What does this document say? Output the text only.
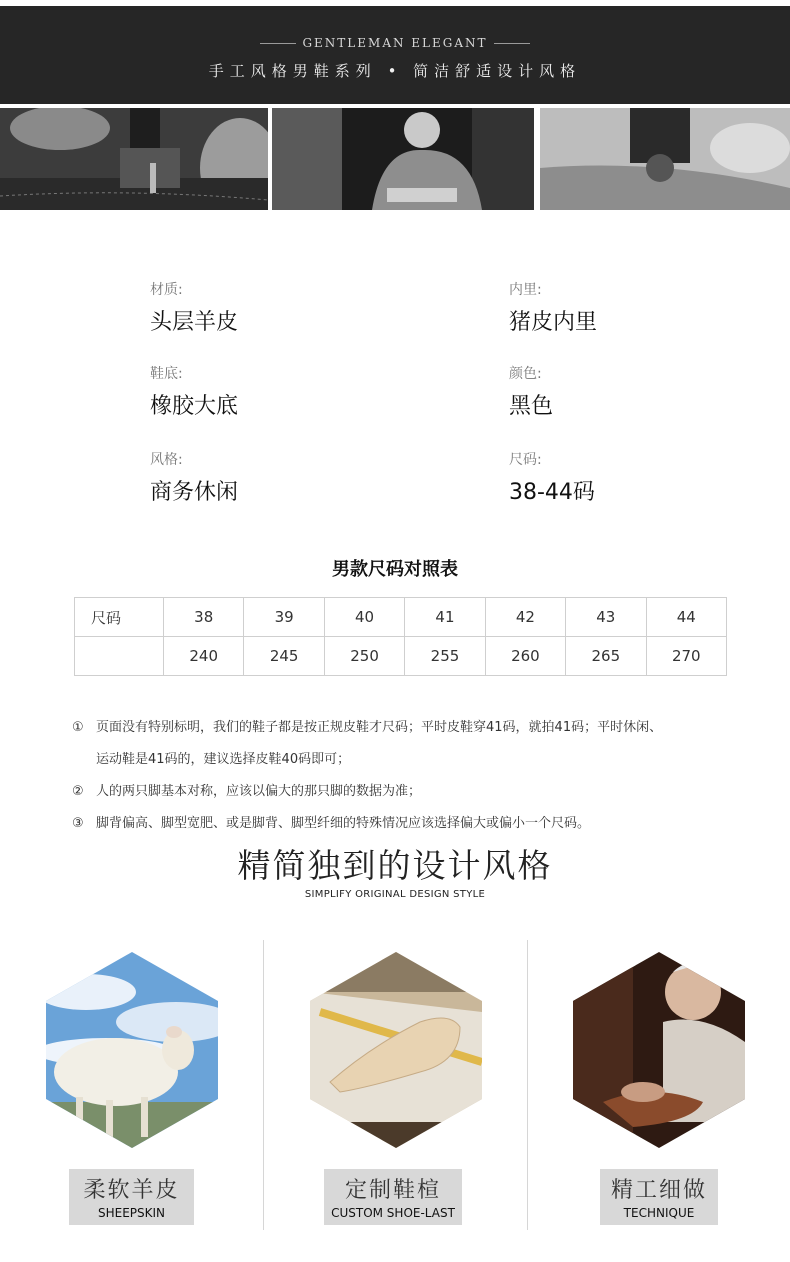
GENTLEMAN ELEGANT
手工风格男鞋系列 • 简洁舒适设计风格
材质:
头层羊皮
内里:
猪皮内里
鞋底:
橡胶大底
颜色:
黑色
风格:
商务休闲
尺码:
38-44码
男款尺码对照表
尺码	38	39	40	41	42	43	44
	240	245	250	255	260	265	270
① 页面没有特别标明，我们的鞋子都是按正规皮鞋才尺码；平时皮鞋穿41码，就拍41码；平时休闲、
运动鞋是41码的，建议选择皮鞋40码即可；
② 人的两只脚基本对称，应该以偏大的那只脚的数据为准；
③ 脚背偏高、脚型宽肥、或是脚背、脚型纤细的特殊情况应该选择偏大或偏小一个尺码。
精简独到的设计风格
SIMPLIFY ORIGINAL DESIGN STYLE
柔软羊皮
SHEEPSKIN
定制鞋楦
CUSTOM SHOE-LAST
精工细做
TECHNIQUE
